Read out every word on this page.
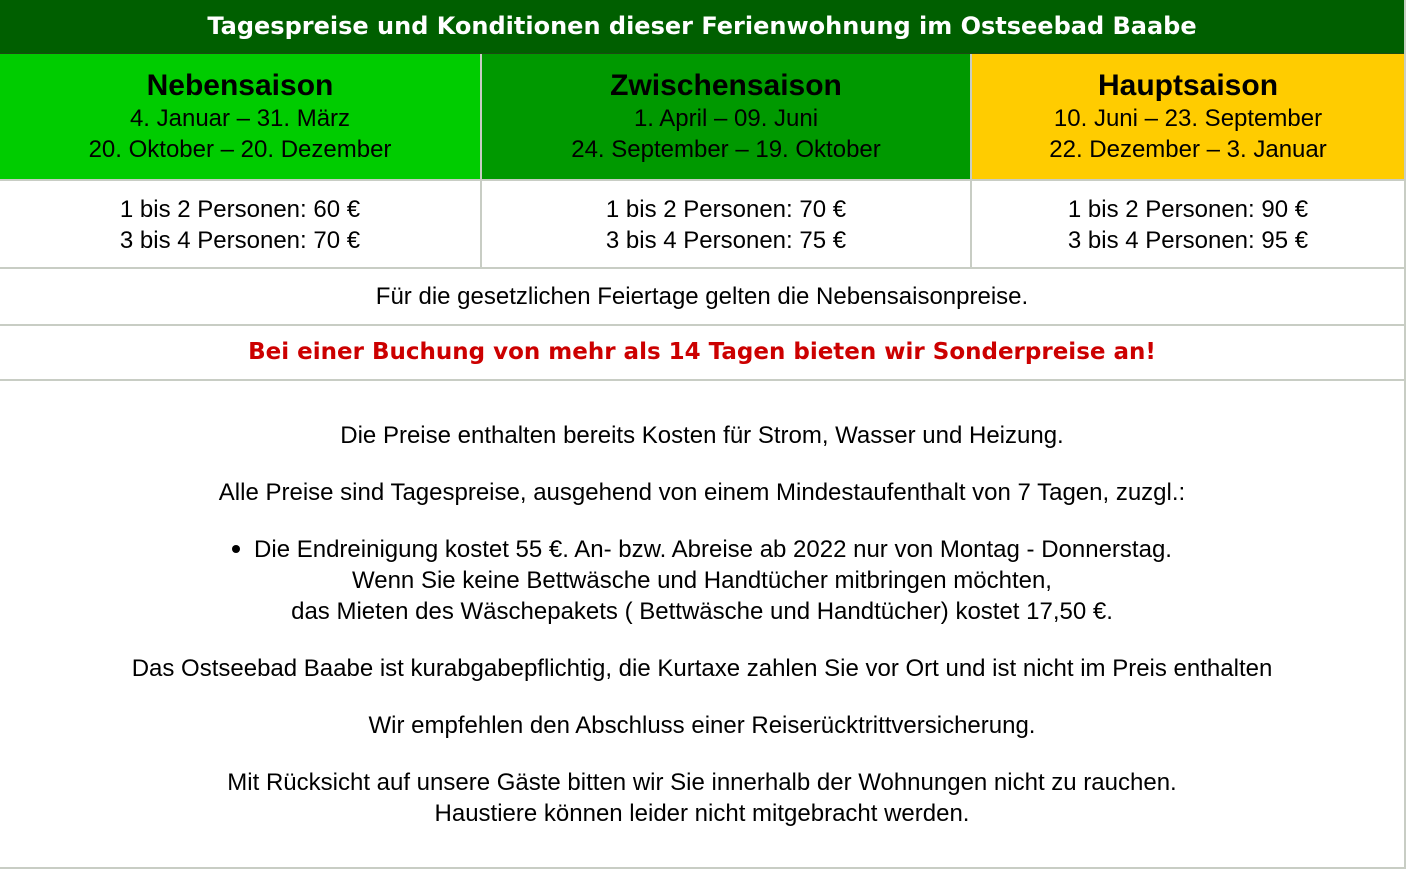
Tagespreise und Konditionen dieser Ferienwohnung im Ostseebad Baabe
Nebensaison
4. Januar – 31. März
20. Oktober – 20. Dezember
Zwischensaison
1. April – 09. Juni
24. September – 19. Oktober
Hauptsaison
10. Juni – 23. September
22. Dezember – 3. Januar
1 bis 2 Personen: 60 €
3 bis 4 Personen: 70 €
1 bis 2 Personen: 70 €
3 bis 4 Personen: 75 €
1 bis 2 Personen: 90 €
3 bis 4 Personen: 95 €
Für die gesetzlichen Feiertage gelten die Nebensaisonpreise.
Bei einer Buchung von mehr als 14 Tagen bieten wir Sonderpreise an!

Die Preise enthalten bereits Kosten für Strom, Wasser und Heizung.

Alle Preise sind Tagespreise, ausgehend von einem Mindestaufenthalt von 7 Tagen, zuzgl.:

Die Endreinigung kostet 55 €. An- bzw. Abreise ab 2022 nur von Montag - Donnerstag.
Wenn Sie keine Bettwäsche und Handtücher mitbringen möchten,
das Mieten des Wäschepakets ( Bettwäsche und Handtücher) kostet 17,50 €.

Das Ostseebad Baabe ist kurabgabepflichtig, die Kurtaxe zahlen Sie vor Ort und ist nicht im Preis enthalten

Wir empfehlen den Abschluss einer Reiserücktrittversicherung.

Mit Rücksicht auf unsere Gäste bitten wir Sie innerhalb der Wohnungen nicht zu rauchen.
Haustiere können leider nicht mitgebracht werden.
